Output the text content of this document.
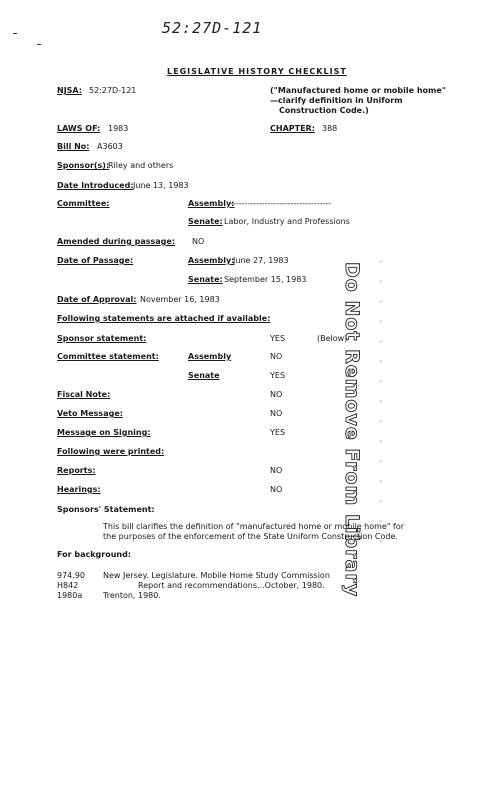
52:27D-121
LEGISLATIVE HISTORY CHECKLIST
NJSA: 52:27D-121	("Manufactured home or mobile home"
—clarify definition in Uniform
Construction Code.)
LAWS OF: 1983	CHAPTER: 388
Bill No: A3603
Sponsor(s):
Riley and others
Date Introduced: June 13, 1983
Committee:	Assembly:
-----------------------------------
Senate: Labor, Industry and Professions
Amended during passage: NO
Date of Passage:	Assembly:
June 27, 1983
Senate: September 15, 1983
Date of Approval: November 16, 1983
Following statements are attached if available:
Sponsor statement:	YES	(Below)
Committee statement:	Assembly	NO
Senate	YES
Fiscal Note:	NO
Veto Message:	NO
Message on Signing:	YES
Following were printed:
Reports:	NO
Hearings:	NO
Sponsors' Statement:
This bill clarifies the definition of "manufactured home or mobile home" for
the purposes of the enforcement of the State Uniform Construction Code.
For background:
974.90 New Jersey. Legislature. Mobile Home Study Commission
H842	Report and recommendations...October, 1980.
1980a	Trenton, 1980.
· · · · · · · · · · · · · · ·
Do Not Remove From Library
